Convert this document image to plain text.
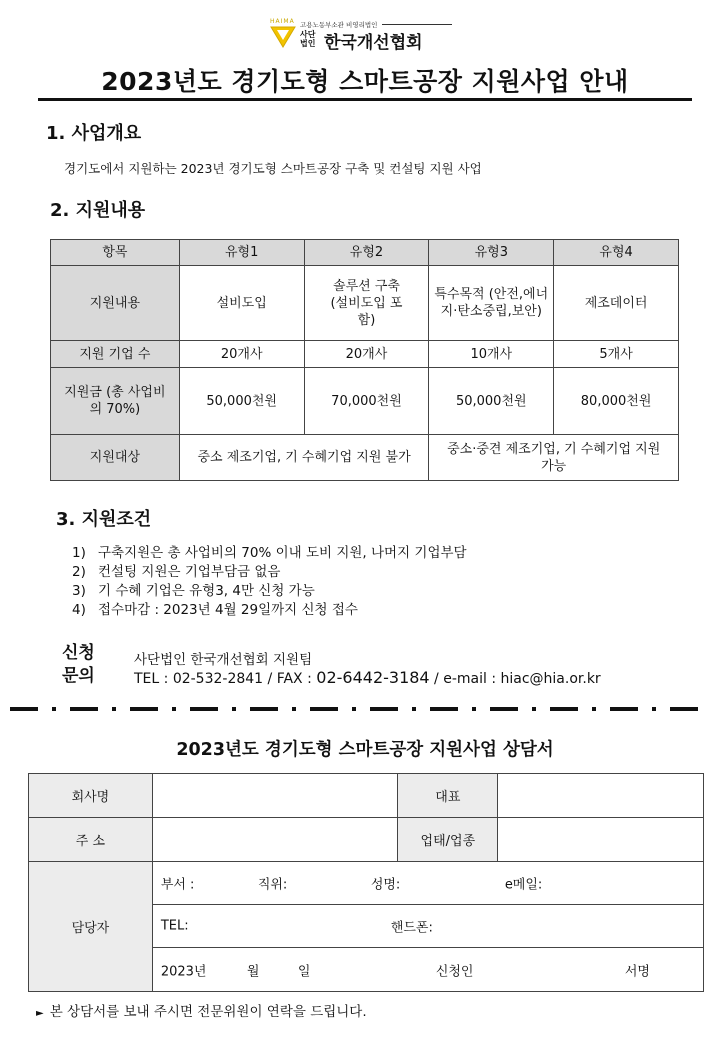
HAIMA 고용노동부소관 비영리법인
사단
법인 한국개선협회
2023년도 경기도형 스마트공장 지원사업 안내
1. 사업개요
경기도에서 지원하는 2023년 경기도형 스마트공장 구축 및 컨설팅 지원 사업
2. 지원내용
항목	유형1	유형2	유형3	유형4
지원내용	설비도입	솔루션 구축 (설비도입 포함)	특수목적 (안전,에너지·탄소중립,보안)	제조데이터
지원 기업 수	20개사	20개사	10개사	5개사
지원금 (총 사업비의 70%)	50,000천원	70,000천원	50,000천원	80,000천원
지원대상	중소 제조기업, 기 수혜기업 지원 불가		중소·중견 제조기업, 기 수혜기업 지원 가능	
3. 지원조건
1) 구축지원은 총 사업비의 70% 이내 도비 지원, 나머지 기업부담
2) 컨설팅 지원은 기업부담금 없음
3) 기 수혜 기업은 유형3, 4만 신청 가능
4) 접수마감 : 2023년 4월 29일까지 신청 접수
신청
문의
사단법인 한국개선협회 지원팀
TEL : 02-532-2841 / FAX : 02-6442-3184 / e-mail : hiac@hia.or.kr
2023년도 경기도형 스마트공장 지원사업 상담서
회사명		대표	
주 소		업태/업종	
담당자	부서 : 직위: 성명: e메일:		

	TEL: 핸드폰:		

	2023년 월 일 신청인 서명		
► 본 상담서를 보내 주시면 전문위원이 연락을 드립니다.
